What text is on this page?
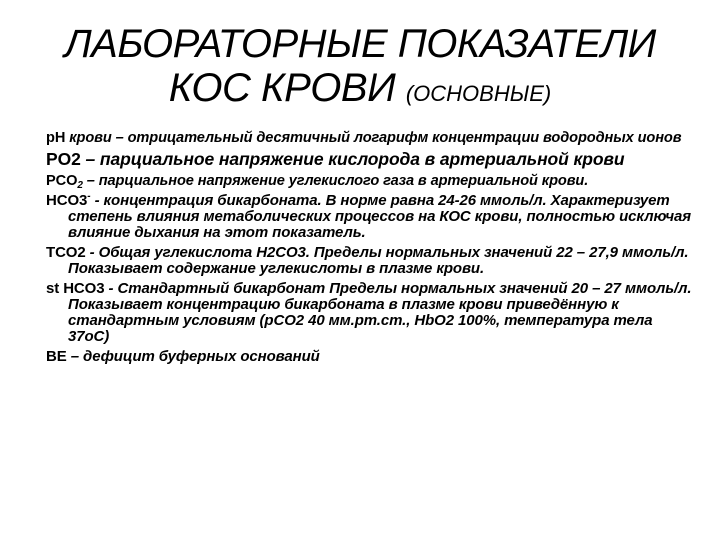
ЛАБОРАТОРНЫЕ ПОКАЗАТЕЛИ
КОС КРОВИ (ОСНОВНЫЕ)

pH крови – отрицательный десятичный логарифм концентрации водородных ионов

PO2 – парциальное напряжение кислорода в артериальной крови

$PCO_2$ – парциальное напряжение углекислого газа в артериальной крови.

HCO3- - концентрация бикарбоната. В норме равна 24-26 ммоль/л. Характеризует степень влияния метаболических процессов на КОС крови, полностью исключая влияние дыхания на этот показатель.

TCO2 - Общая углекислота H2CO3. Пределы нормальных значений 22 – 27,9 ммоль/л. Показывает содержание углекислоты в плазме крови.

st HCO3 - Стандартный бикарбонат Пределы нормальных значений 20 – 27 ммоль/л. Показывает концентрацию бикарбоната в плазме крови приведённую к стандартным условиям (pCO2 40 мм.рт.ст., HbO2 100%, температура тела 37оС)

BE – дефицит буферных оснований
